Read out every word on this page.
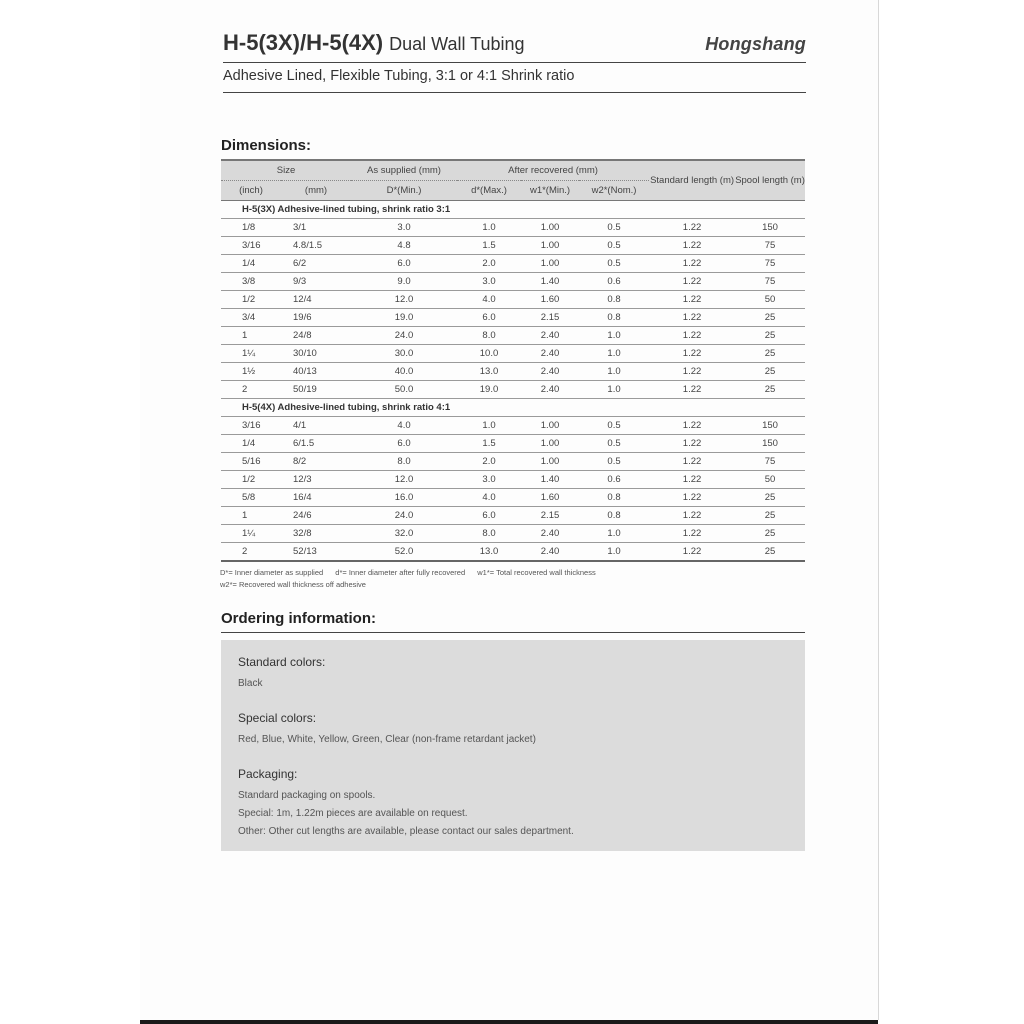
H-5(3X)/H-5(4X) Dual Wall Tubing	Hongshang
Adhesive Lined, Flexible Tubing, 3:1 or 4:1 Shrink ratio
Dimensions:
Size		As supplied (mm)	After recovered (mm)			Standard length (m)	Spool length (m)
(inch)	(mm)	D*(Min.)	d*(Max.)	w1*(Min.)	w2*(Nom.)		
H-5(3X) Adhesive-lined tubing, shrink ratio 3:1							
1/8	3/1	3.0	1.0	1.00	0.5	1.22	150
3/16	4.8/1.5	4.8	1.5	1.00	0.5	1.22	75
1/4	6/2	6.0	2.0	1.00	0.5	1.22	75
3/8	9/3	9.0	3.0	1.40	0.6	1.22	75
1/2	12/4	12.0	4.0	1.60	0.8	1.22	50
3/4	19/6	19.0	6.0	2.15	0.8	1.22	25
1	24/8	24.0	8.0	2.40	1.0	1.22	25
1¼	30/10	30.0	10.0	2.40	1.0	1.22	25
1½	40/13	40.0	13.0	2.40	1.0	1.22	25
2	50/19	50.0	19.0	2.40	1.0	1.22	25
H-5(4X) Adhesive-lined tubing, shrink ratio 4:1							
3/16	4/1	4.0	1.0	1.00	0.5	1.22	150
1/4	6/1.5	6.0	1.5	1.00	0.5	1.22	150
5/16	8/2	8.0	2.0	1.00	0.5	1.22	75
1/2	12/3	12.0	3.0	1.40	0.6	1.22	50
5/8	16/4	16.0	4.0	1.60	0.8	1.22	25
1	24/6	24.0	6.0	2.15	0.8	1.22	25
1¼	32/8	32.0	8.0	2.40	1.0	1.22	25
2	52/13	52.0	13.0	2.40	1.0	1.22	25
D*= Inner diameter as supplied d*= Inner diameter after fully recovered w1*= Total recovered wall thickness
w2*= Recovered wall thickness off adhesive
Ordering information:
Standard colors:
Black
Special colors:
Red, Blue, White, Yellow, Green, Clear (non-frame retardant jacket)
Packaging:
Standard packaging on spools.
Special: 1m, 1.22m pieces are available on request.
Other: Other cut lengths are available, please contact our sales department.
